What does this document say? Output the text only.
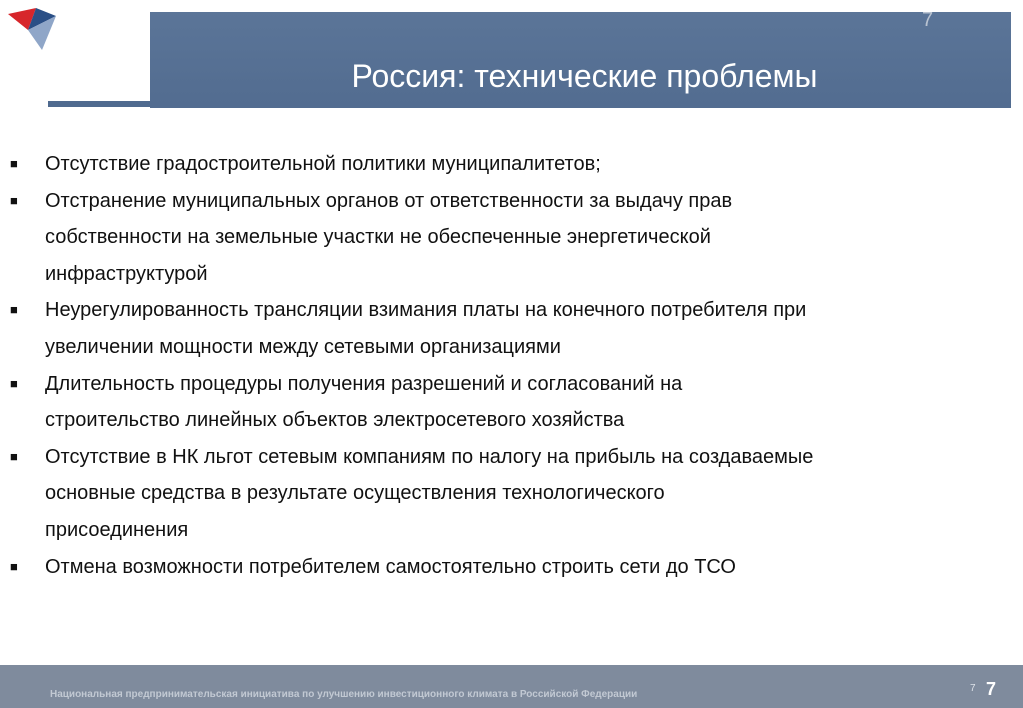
Россия: технические проблемы
7
■ Отсутствие градостроительной политики муниципалитетов;
■ Отстранение муниципальных органов от ответственности за выдачу прав
собственности на земельные участки не обеспеченные энергетической
инфраструктурой
■ Неурегулированность трансляции взимания платы на конечного потребителя при
увеличении мощности между сетевыми организациями
■ Длительность процедуры получения разрешений и согласований на
строительство линейных объектов электросетевого хозяйства
■ Отсутствие в НК льгот сетевым компаниям по налогу на прибыль на создаваемые
основные средства в результате осуществления технологического
присоединения
■ Отмена возможности потребителем самостоятельно строить сети до ТСО
Национальная предпринимательская инициатива по улучшению инвестиционного климата в Российской Федерации
7 7
